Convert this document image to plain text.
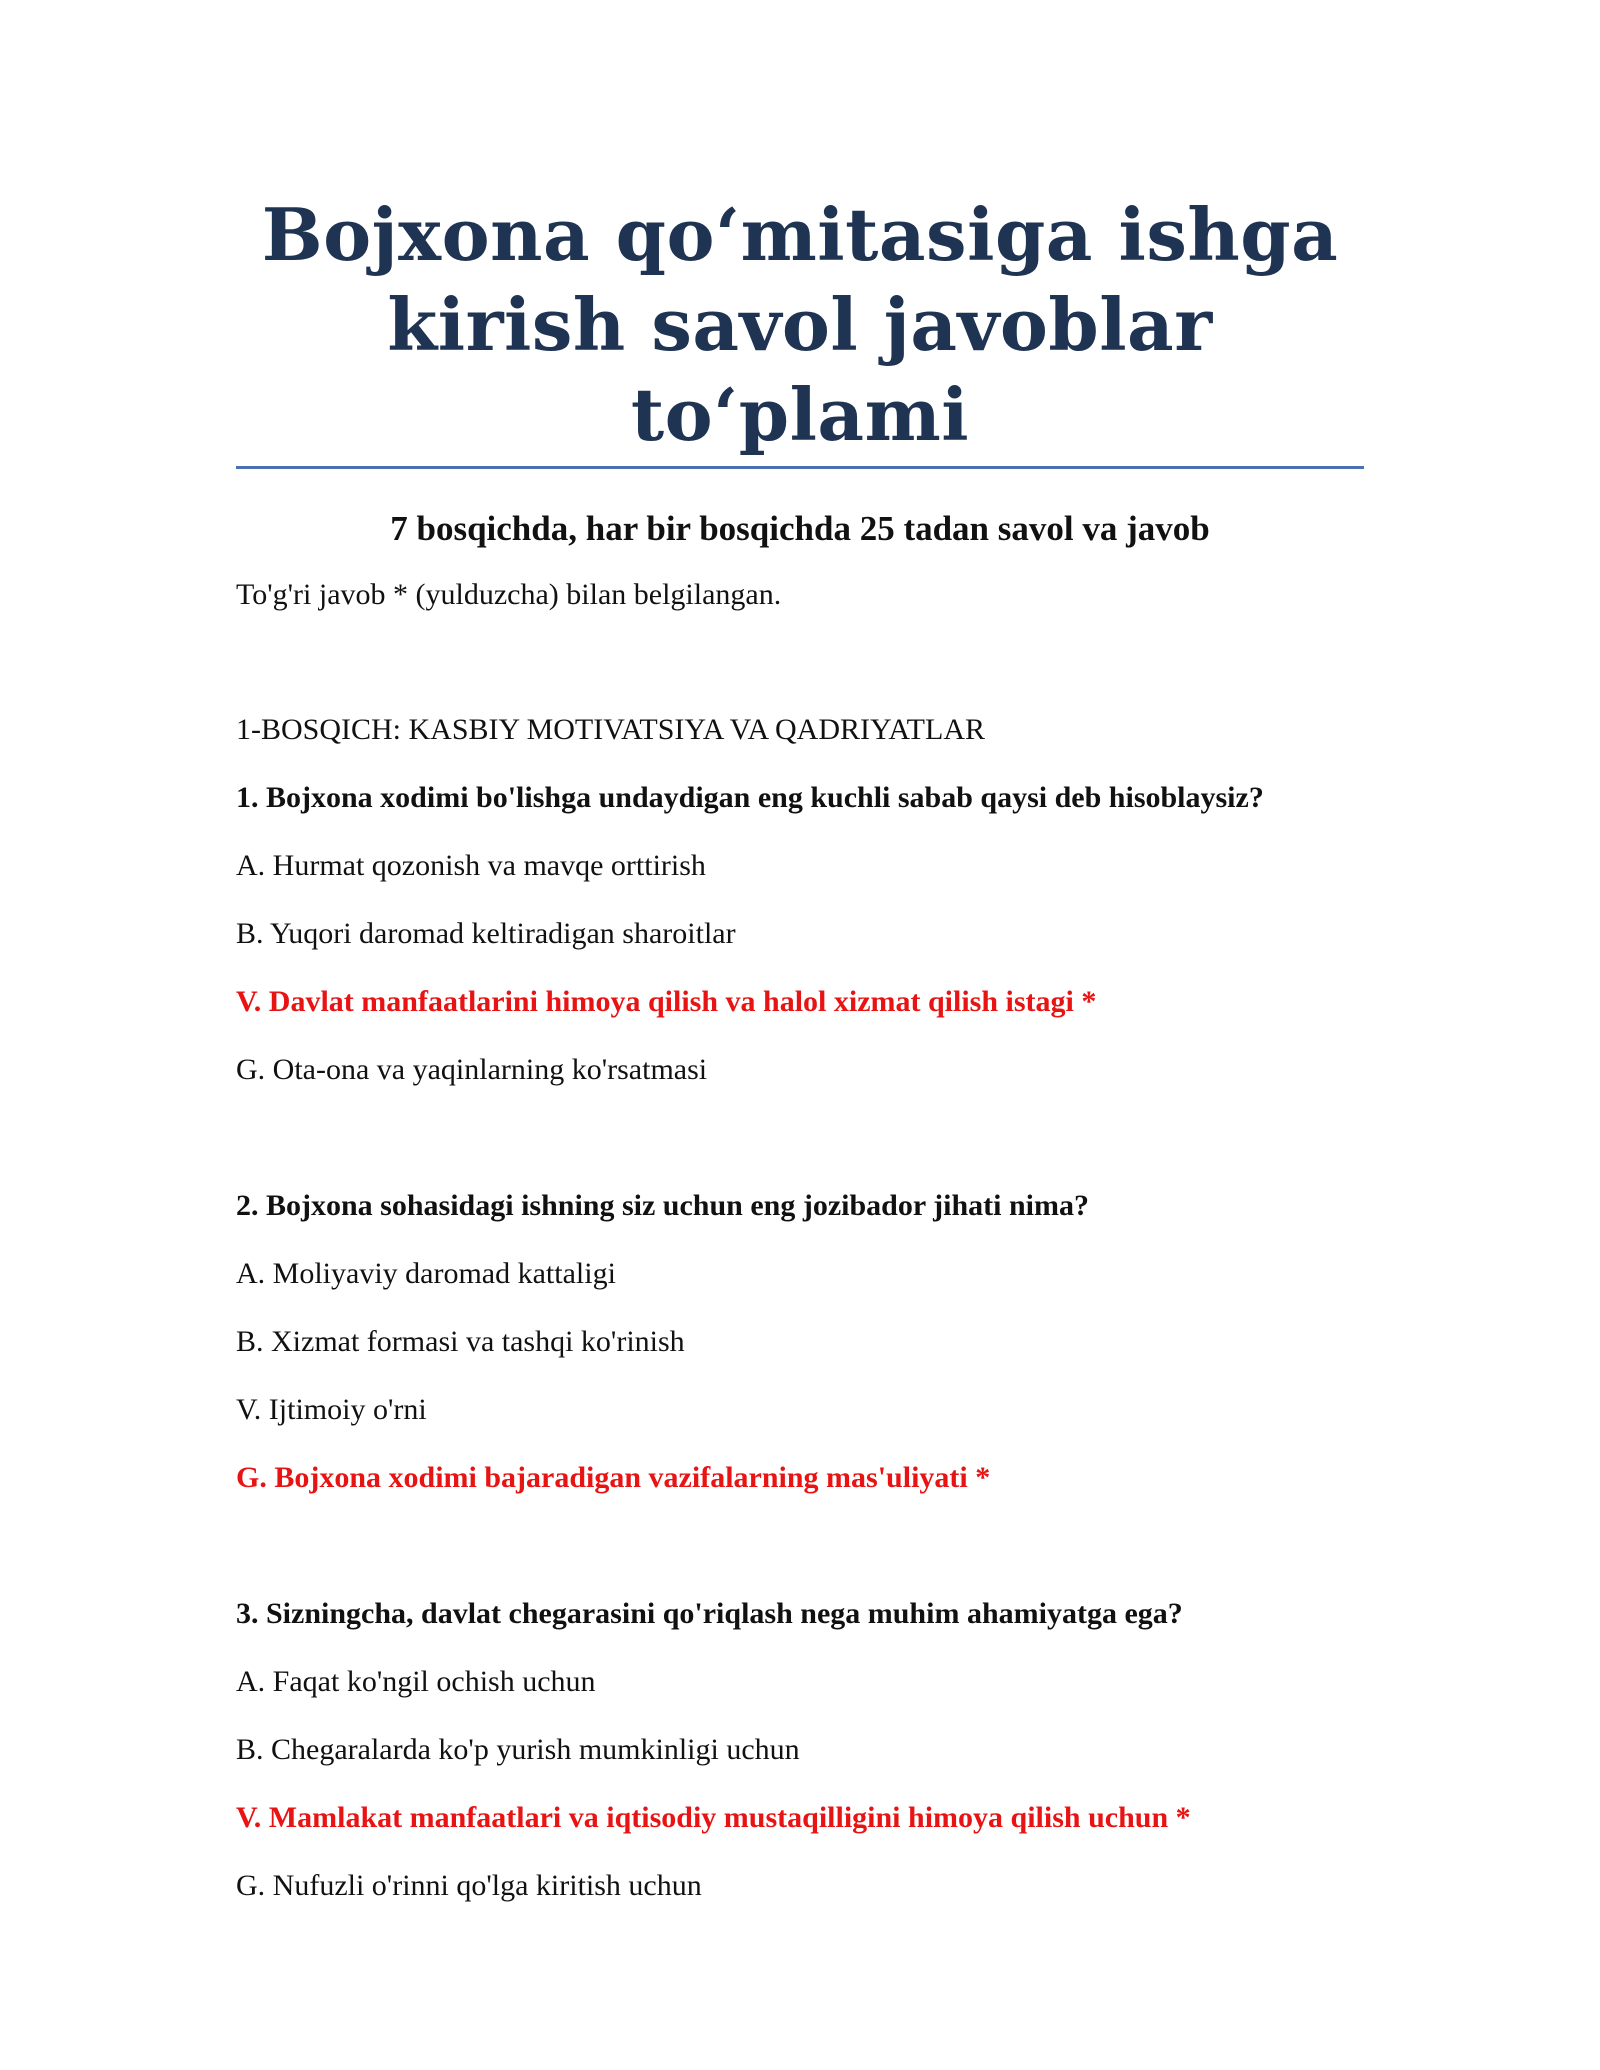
Bojxona qo‘mitasiga ishga
kirish savol javoblar to‘plami

7 bosqichda, har bir bosqichda 25 tadan savol va javob

To'g'ri javob * (yulduzcha) bilan belgilangan.

1-BOSQICH: KASBIY MOTIVATSIYA VA QADRIYATLAR

1. Bojxona xodimi bo'lishga undaydigan eng kuchli sabab qaysi deb hisoblaysiz?

A. Hurmat qozonish va mavqe orttirish

B. Yuqori daromad keltiradigan sharoitlar

V. Davlat manfaatlarini himoya qilish va halol xizmat qilish istagi *

G. Ota-ona va yaqinlarning ko'rsatmasi

2. Bojxona sohasidagi ishning siz uchun eng jozibador jihati nima?

A. Moliyaviy daromad kattaligi

B. Xizmat formasi va tashqi ko'rinish

V. Ijtimoiy o'rni

G. Bojxona xodimi bajaradigan vazifalarning mas'uliyati *

3. Sizningcha, davlat chegarasini qo'riqlash nega muhim ahamiyatga ega?

A. Faqat ko'ngil ochish uchun

B. Chegaralarda ko'p yurish mumkinligi uchun

V. Mamlakat manfaatlari va iqtisodiy mustaqilligini himoya qilish uchun *

G. Nufuzli o'rinni qo'lga kiritish uchun
